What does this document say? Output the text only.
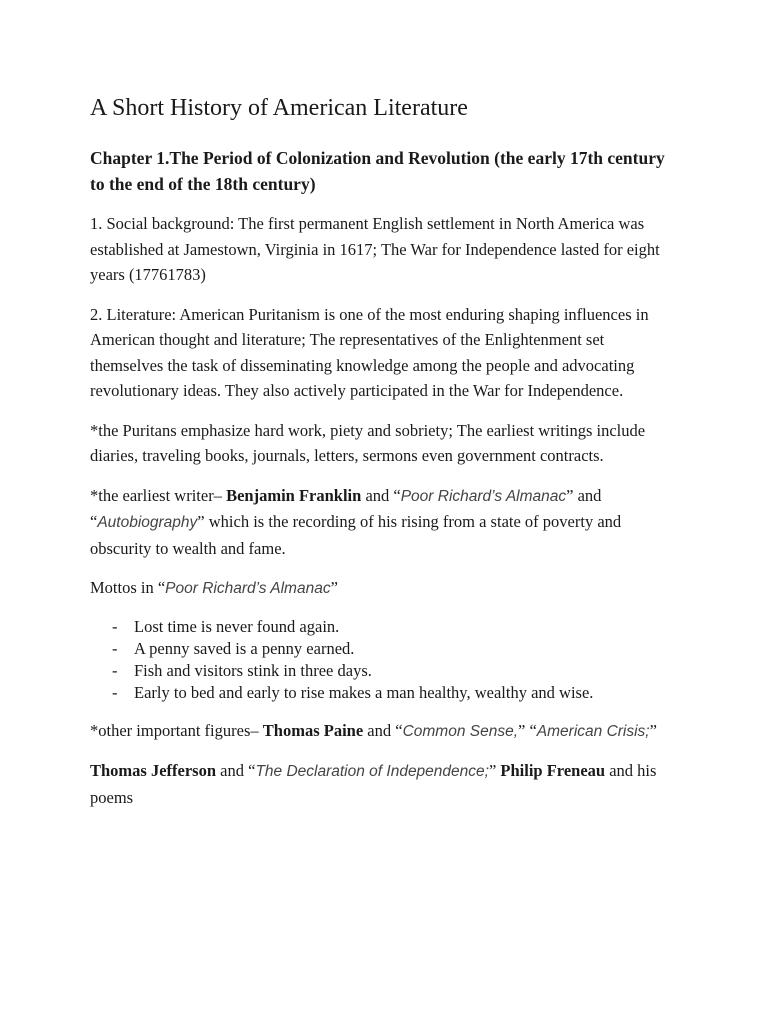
A Short History of American Literature
Chapter 1.The Period of Colonization and Revolution (the early 17th century to the end of the 18th century)

1. Social background: The first permanent English settlement in North America was established at Jamestown, Virginia in 1617; The War for Independence lasted for eight years (17761783)

2. Literature: American Puritanism is one of the most enduring shaping influences in American thought and literature; The representatives of the Enlightenment set themselves the task of disseminating knowledge among the people and advocating revolutionary ideas. They also actively participated in the War for Independence.

*the Puritans emphasize hard work, piety and sobriety; The earliest writings include diaries, traveling books, journals, letters, sermons even government contracts.

*the earliest writer– Benjamin Franklin and “Poor Richard’s Almanac” and “Autobiography” which is the recording of his rising from a state of poverty and obscurity to wealth and fame.

Mottos in “Poor Richard’s Almanac”

-	Lost time is never found again.
-	A penny saved is a penny earned.
-	Fish and visitors stink in three days.
-	Early to bed and early to rise makes a man healthy, wealthy and wise.

*other important figures– Thomas Paine and “Common Sense,” “American Crisis;”

Thomas Jefferson and “The Declaration of Independence;” Philip Freneau and his poems
